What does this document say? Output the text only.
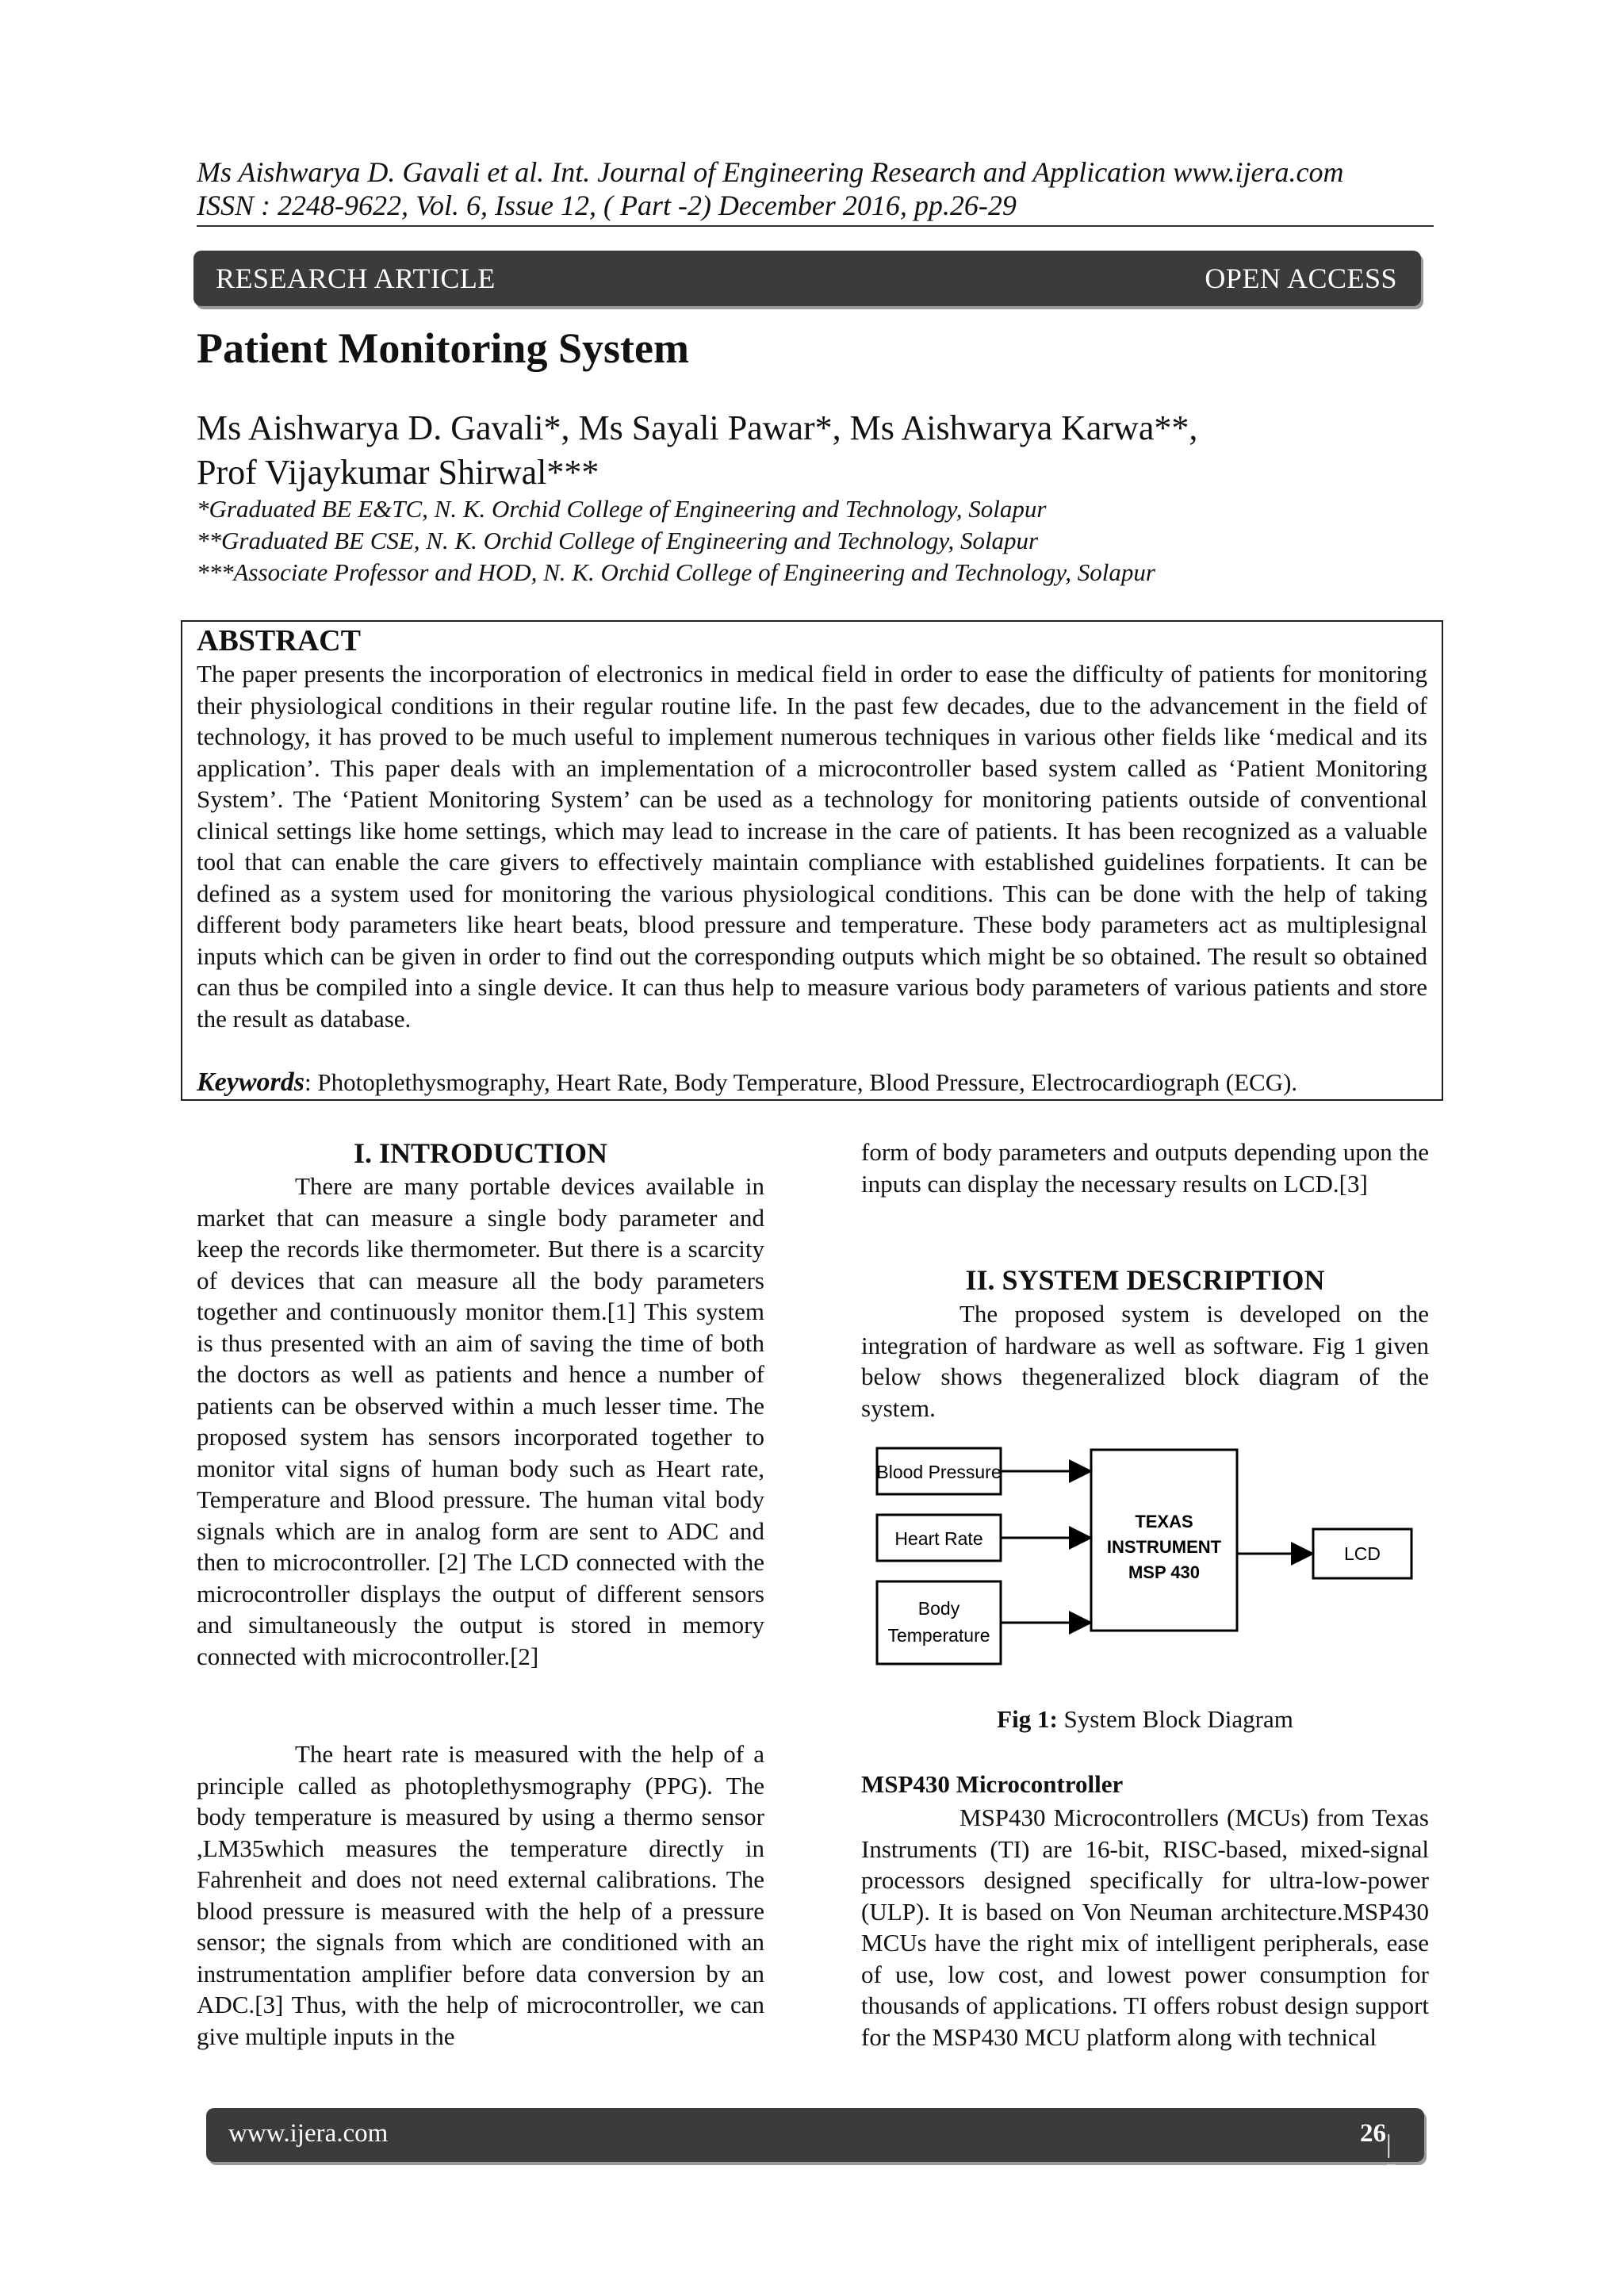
Ms Aishwarya D. Gavali et al. Int. Journal of Engineering Research and Application www.ijera.com
ISSN : 2248-9622, Vol. 6, Issue 12, ( Part -2) December 2016, pp.26-29
RESEARCH ARTICLE	OPEN ACCESS
Patient Monitoring System
Ms Aishwarya D. Gavali*, Ms Sayali Pawar*, Ms Aishwarya Karwa**,
Prof Vijaykumar Shirwal***
*Graduated BE E&TC, N. K. Orchid College of Engineering and Technology, Solapur
**Graduated BE CSE, N. K. Orchid College of Engineering and Technology, Solapur
***Associate Professor and HOD, N. K. Orchid College of Engineering and Technology, Solapur
ABSTRACT

The paper presents the incorporation of electronics in medical field in order to ease the difficulty of patients for monitoring their physiological conditions in their regular routine life. In the past few decades, due to the advancement in the field of technology, it has proved to be much useful to implement numerous techniques in various other fields like ‘medical and its application’. This paper deals with an implementation of a microcontroller based system called as ‘Patient Monitoring System’. The ‘Patient Monitoring System’ can be used as a technology for monitoring patients outside of conventional clinical settings like home settings, which may lead to increase in the care of patients. It has been recognized as a valuable tool that can enable the care givers to effectively maintain compliance with established guidelines forpatients. It can be defined as a system used for monitoring the various physiological conditions. This can be done with the help of taking different body parameters like heart beats, blood pressure and temperature. These body parameters act as multiplesignal inputs which can be given in order to find out the corresponding outputs which might be so obtained. The result so obtained can thus be compiled into a single device. It can thus help to measure various body parameters of various patients and store the result as database.

Keywords: Photoplethysmography, Heart Rate, Body Temperature, Blood Pressure, Electrocardiograph (ECG).
I. INTRODUCTION

There are many portable devices available in market that can measure a single body parameter and keep the records like thermometer. But there is a scarcity of devices that can measure all the body parameters together and continuously monitor them.[1] This system is thus presented with an aim of saving the time of both the doctors as well as patients and hence a number of patients can be observed within a much lesser time. The proposed system has sensors incorporated together to monitor vital signs of human body such as Heart rate, Temperature and Blood pressure. The human vital body signals which are in analog form are sent to ADC and then to microcontroller. [2] The LCD connected with the microcontroller displays the output of different sensors and simultaneously the output is stored in memory connected with microcontroller.[2]

The heart rate is measured with the help of a principle called as photoplethysmography (PPG). The body temperature is measured by using a thermo sensor ,LM35which measures the temperature directly in Fahrenheit and does not need external calibrations. The blood pressure is measured with the help of a pressure sensor; the signals from which are conditioned with an instrumentation amplifier before data conversion by an ADC.[3] Thus, with the help of microcontroller, we can give multiple inputs in the

form of body parameters and outputs depending upon the inputs can display the necessary results on LCD.[3]

II. SYSTEM DESCRIPTION

The proposed system is developed on the integration of hardware as well as software. Fig 1 given below shows thegeneralized block diagram of the system.

Blood Pressure
Heart Rate
Body
Temperature
TEXAS
INSTRUMENT
MSP 430
LCD
Fig 1: System Block Diagram
MSP430 Microcontroller

MSP430 Microcontrollers (MCUs) from Texas Instruments (TI) are 16-bit, RISC-based, mixed-signal processors designed specifically for ultra-low-power (ULP). It is based on Von Neuman architecture.MSP430 MCUs have the right mix of intelligent peripherals, ease of use, low cost, and lowest power consumption for thousands of applications. TI offers robust design support for the MSP430 MCU platform along with technical

www.ijera.com	26 | P a g e
